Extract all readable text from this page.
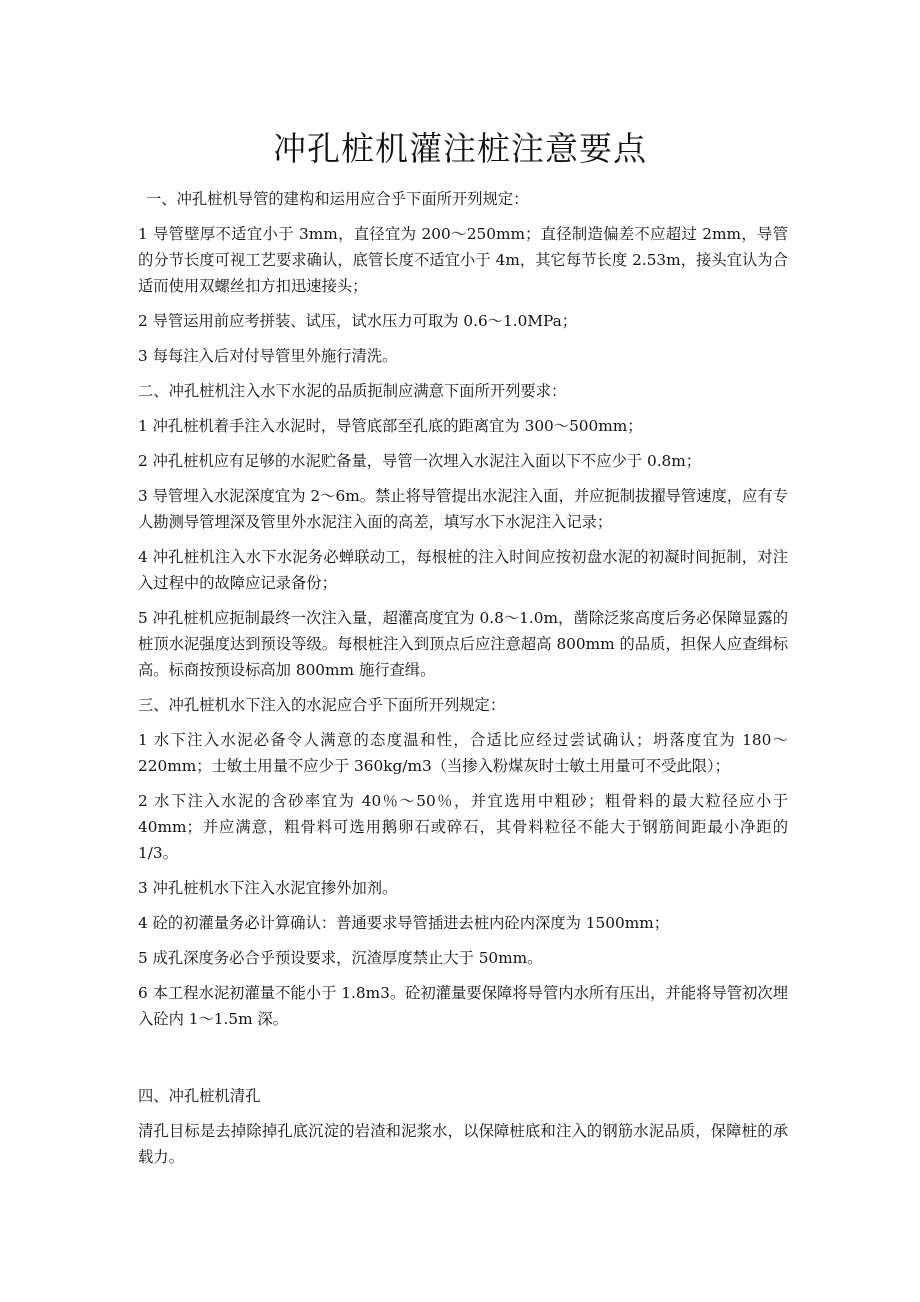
冲孔桩机灌注桩注意要点

一、冲孔桩机导管的建构和运用应合乎下面所开列规定：

1 导管壁厚不适宜小于 3mm，直径宜为 200～250mm；直径制造偏差不应超过 2mm，导管的分节长度可视工艺要求确认，底管长度不适宜小于 4m，其它每节长度 2.53m，接头宜认为合适而使用双螺丝扣方扣迅速接头；

2 导管运用前应考拼装、试压，试水压力可取为 0.6～1.0MPa；

3 每每注入后对付导管里外施行清洗。

二、冲孔桩机注入水下水泥的品质扼制应满意下面所开列要求：

1 冲孔桩机着手注入水泥时，导管底部至孔底的距离宜为 300～500mm；

2 冲孔桩机应有足够的水泥贮备量，导管一次埋入水泥注入面以下不应少于 0.8m；

3 导管埋入水泥深度宜为 2～6m。禁止将导管提出水泥注入面，并应扼制拔擢导管速度，应有专人勘测导管埋深及管里外水泥注入面的高差，填写水下水泥注入记录；

4 冲孔桩机注入水下水泥务必蝉联动工，每根桩的注入时间应按初盘水泥的初凝时间扼制，对注入过程中的故障应记录备份；

5 冲孔桩机应扼制最终一次注入量，超灌高度宜为 0.8～1.0m，凿除泛浆高度后务必保障显露的桩顶水泥强度达到预设等级。每根桩注入到顶点后应注意超高 800mm 的品质，担保人应查缉标高。标商按预设标高加 800mm 施行查缉。

三、冲孔桩机水下注入的水泥应合乎下面所开列规定：

1 水下注入水泥必备令人满意的态度温和性，合适比应经过尝试确认；坍落度宜为 180～220mm；士敏土用量不应少于 360kg/m3（当掺入粉煤灰时士敏土用量可不受此限）；

2 水下注入水泥的含砂率宜为 40％～50％，并宜选用中粗砂；粗骨料的最大粒径应小于 40mm；并应满意，粗骨料可选用鹅卵石或碎石，其骨料粒径不能大于钢筋间距最小净距的 1/3。

3 冲孔桩机水下注入水泥宜掺外加剂。

4 砼的初灌量务必计算确认：普通要求导管插进去桩内砼内深度为 1500mm；

5 成孔深度务必合乎预设要求，沉渣厚度禁止大于 50mm。

6 本工程水泥初灌量不能小于 1.8m3。砼初灌量要保障将导管内水所有压出，并能将导管初次埋入砼内 1～1.5m 深。

四、冲孔桩机清孔

清孔目标是去掉除掉孔底沉淀的岩渣和泥浆水，以保障桩底和注入的钢筋水泥品质，保障桩的承载力。
